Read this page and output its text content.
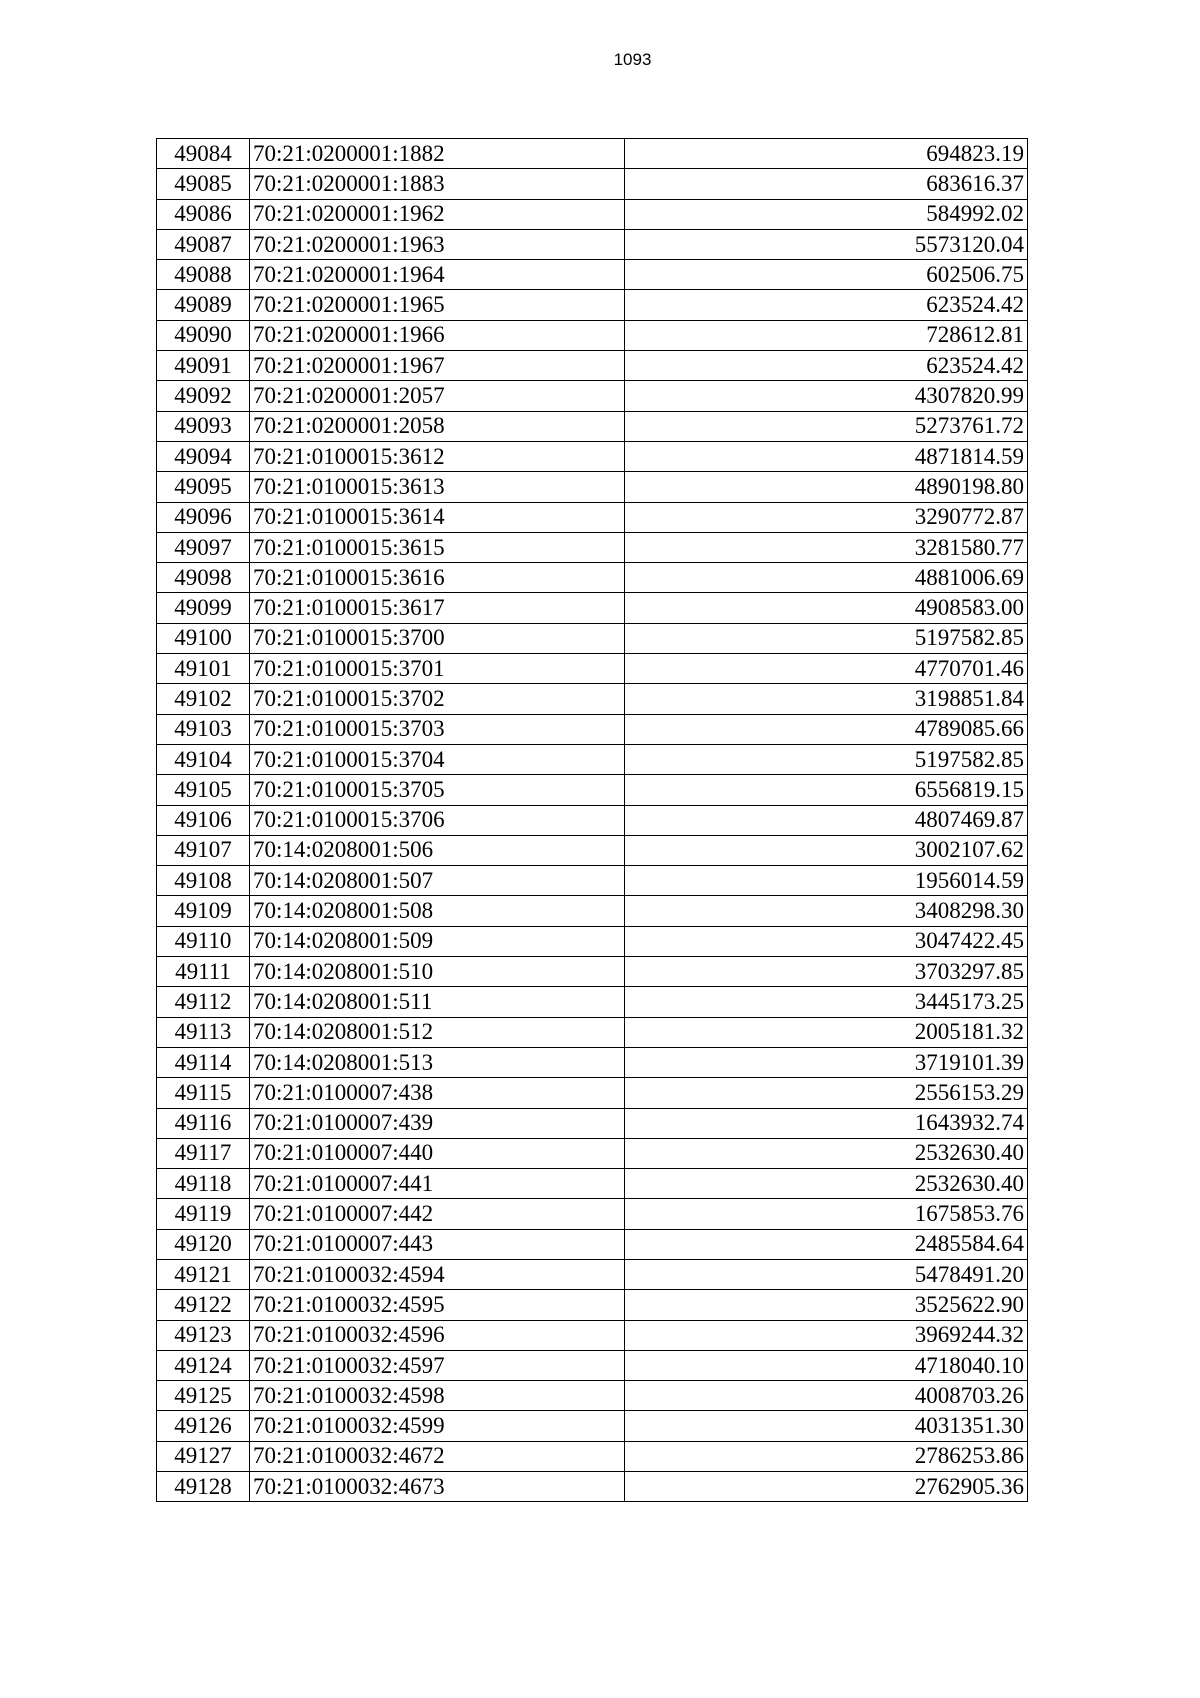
1093
49084	70:21:0200001:1882	694823.19
49085	70:21:0200001:1883	683616.37
49086	70:21:0200001:1962	584992.02
49087	70:21:0200001:1963	5573120.04
49088	70:21:0200001:1964	602506.75
49089	70:21:0200001:1965	623524.42
49090	70:21:0200001:1966	728612.81
49091	70:21:0200001:1967	623524.42
49092	70:21:0200001:2057	4307820.99
49093	70:21:0200001:2058	5273761.72
49094	70:21:0100015:3612	4871814.59
49095	70:21:0100015:3613	4890198.80
49096	70:21:0100015:3614	3290772.87
49097	70:21:0100015:3615	3281580.77
49098	70:21:0100015:3616	4881006.69
49099	70:21:0100015:3617	4908583.00
49100	70:21:0100015:3700	5197582.85
49101	70:21:0100015:3701	4770701.46
49102	70:21:0100015:3702	3198851.84
49103	70:21:0100015:3703	4789085.66
49104	70:21:0100015:3704	5197582.85
49105	70:21:0100015:3705	6556819.15
49106	70:21:0100015:3706	4807469.87
49107	70:14:0208001:506	3002107.62
49108	70:14:0208001:507	1956014.59
49109	70:14:0208001:508	3408298.30
49110	70:14:0208001:509	3047422.45
49111	70:14:0208001:510	3703297.85
49112	70:14:0208001:511	3445173.25
49113	70:14:0208001:512	2005181.32
49114	70:14:0208001:513	3719101.39
49115	70:21:0100007:438	2556153.29
49116	70:21:0100007:439	1643932.74
49117	70:21:0100007:440	2532630.40
49118	70:21:0100007:441	2532630.40
49119	70:21:0100007:442	1675853.76
49120	70:21:0100007:443	2485584.64
49121	70:21:0100032:4594	5478491.20
49122	70:21:0100032:4595	3525622.90
49123	70:21:0100032:4596	3969244.32
49124	70:21:0100032:4597	4718040.10
49125	70:21:0100032:4598	4008703.26
49126	70:21:0100032:4599	4031351.30
49127	70:21:0100032:4672	2786253.86
49128	70:21:0100032:4673	2762905.36
